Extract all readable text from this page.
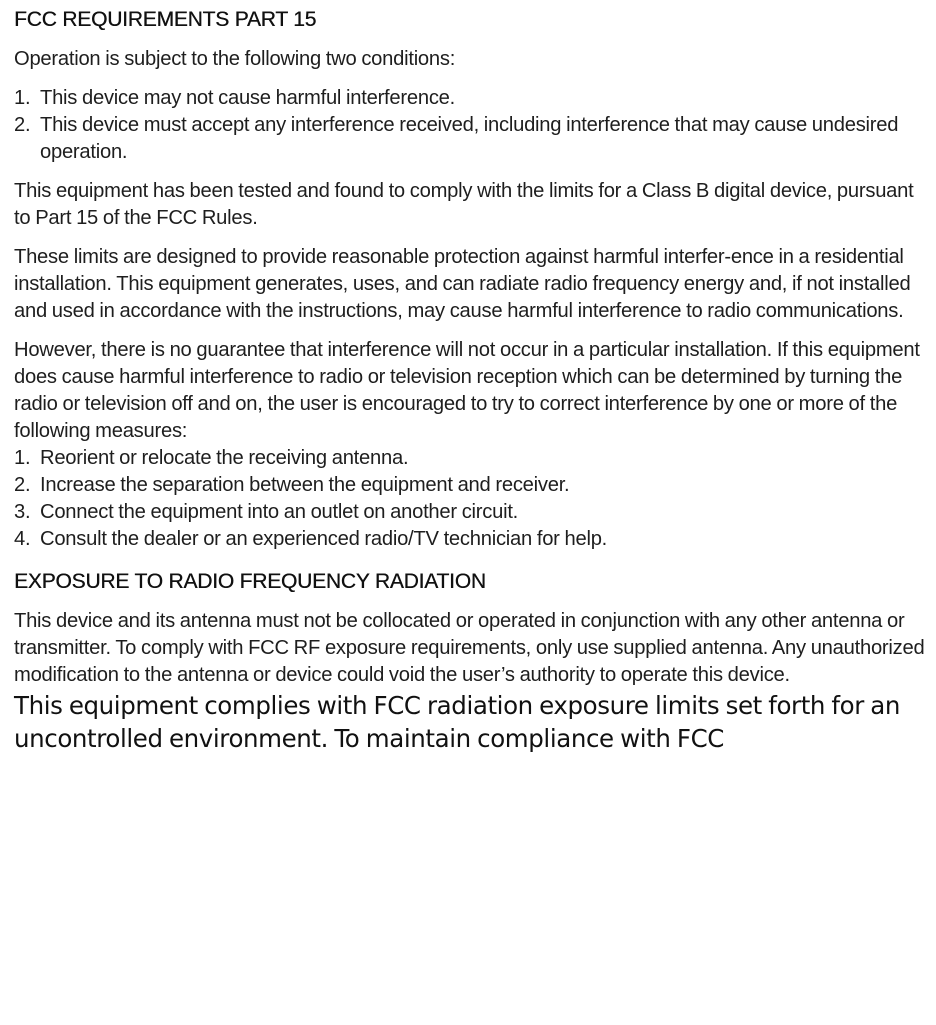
FCC REQUIREMENTS PART 15

Operation is subject to the following two conditions:

1. This device may not cause harmful interference.
2. This device must accept any interference received, including interference that may cause undesired operation.

This equipment has been tested and found to comply with the limits for a Class B digital device, pursuant to Part 15 of the FCC Rules.

These limits are designed to provide reasonable protection against harmful interfer-ence in a residential installation. This equipment generates, uses, and can radiate radio frequency energy and, if not installed and used in accordance with the instructions, may cause harmful interference to radio communications.

However, there is no guarantee that interference will not occur in a particular installation. If this equipment does cause harmful interference to radio or television reception which can be determined by turning the radio or television off and on, the user is encouraged to try to correct interference by one or more of the following measures:

1. Reorient or relocate the receiving antenna.
2. Increase the separation between the equipment and receiver.
3. Connect the equipment into an outlet on another circuit.
4. Consult the dealer or an experienced radio/TV technician for help.
EXPOSURE TO RADIO FREQUENCY RADIATION

This device and its antenna must not be collocated or operated in conjunction with any other antenna or transmitter. To comply with FCC RF exposure requirements, only use supplied antenna. Any unauthorized modification to the antenna or device could void the user’s authority to operate this device.

This equipment complies with FCC radiation exposure limits set forth for an uncontrolled environment. To maintain compliance with FCC
